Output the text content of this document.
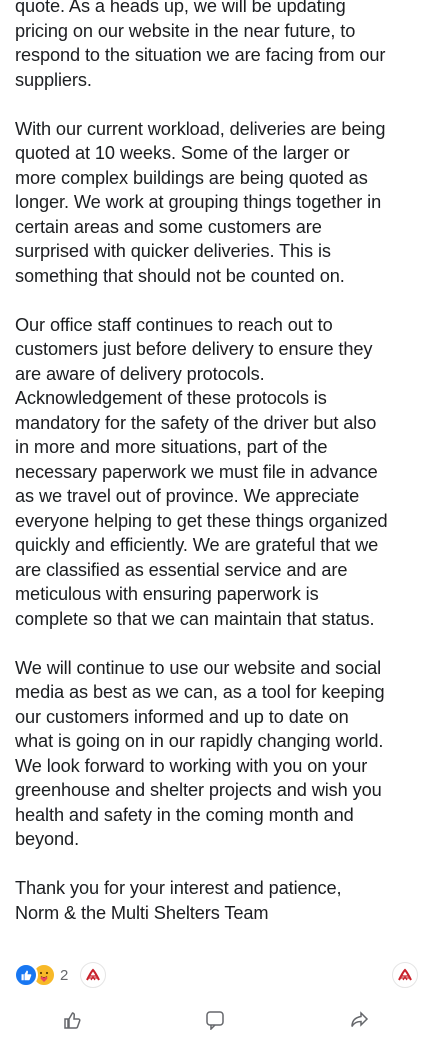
quote. As a heads up, we will be updating
pricing on our website in the near future, to
respond to the situation we are facing from our
suppliers.

With our current workload, deliveries are being
quoted at 10 weeks. Some of the larger or
more complex buildings are being quoted as
longer. We work at grouping things together in
certain areas and some customers are
surprised with quicker deliveries. This is
something that should not be counted on.

Our office staff continues to reach out to
customers just before delivery to ensure they
are aware of delivery protocols.
Acknowledgement of these protocols is
mandatory for the safety of the driver but also
in more and more situations, part of the
necessary paperwork we must file in advance
as we travel out of province. We appreciate
everyone helping to get these things organized
quickly and efficiently. We are grateful that we
are classified as essential service and are
meticulous with ensuring paperwork is
complete so that we can maintain that status.

We will continue to use our website and social
media as best as we can, as a tool for keeping
our customers informed and up to date on
what is going on in our rapidly changing world.
We look forward to working with you on your
greenhouse and shelter projects and wish you
health and safety in the coming month and
beyond.

Thank you for your interest and patience,
Norm & the Multi Shelters Team

2
